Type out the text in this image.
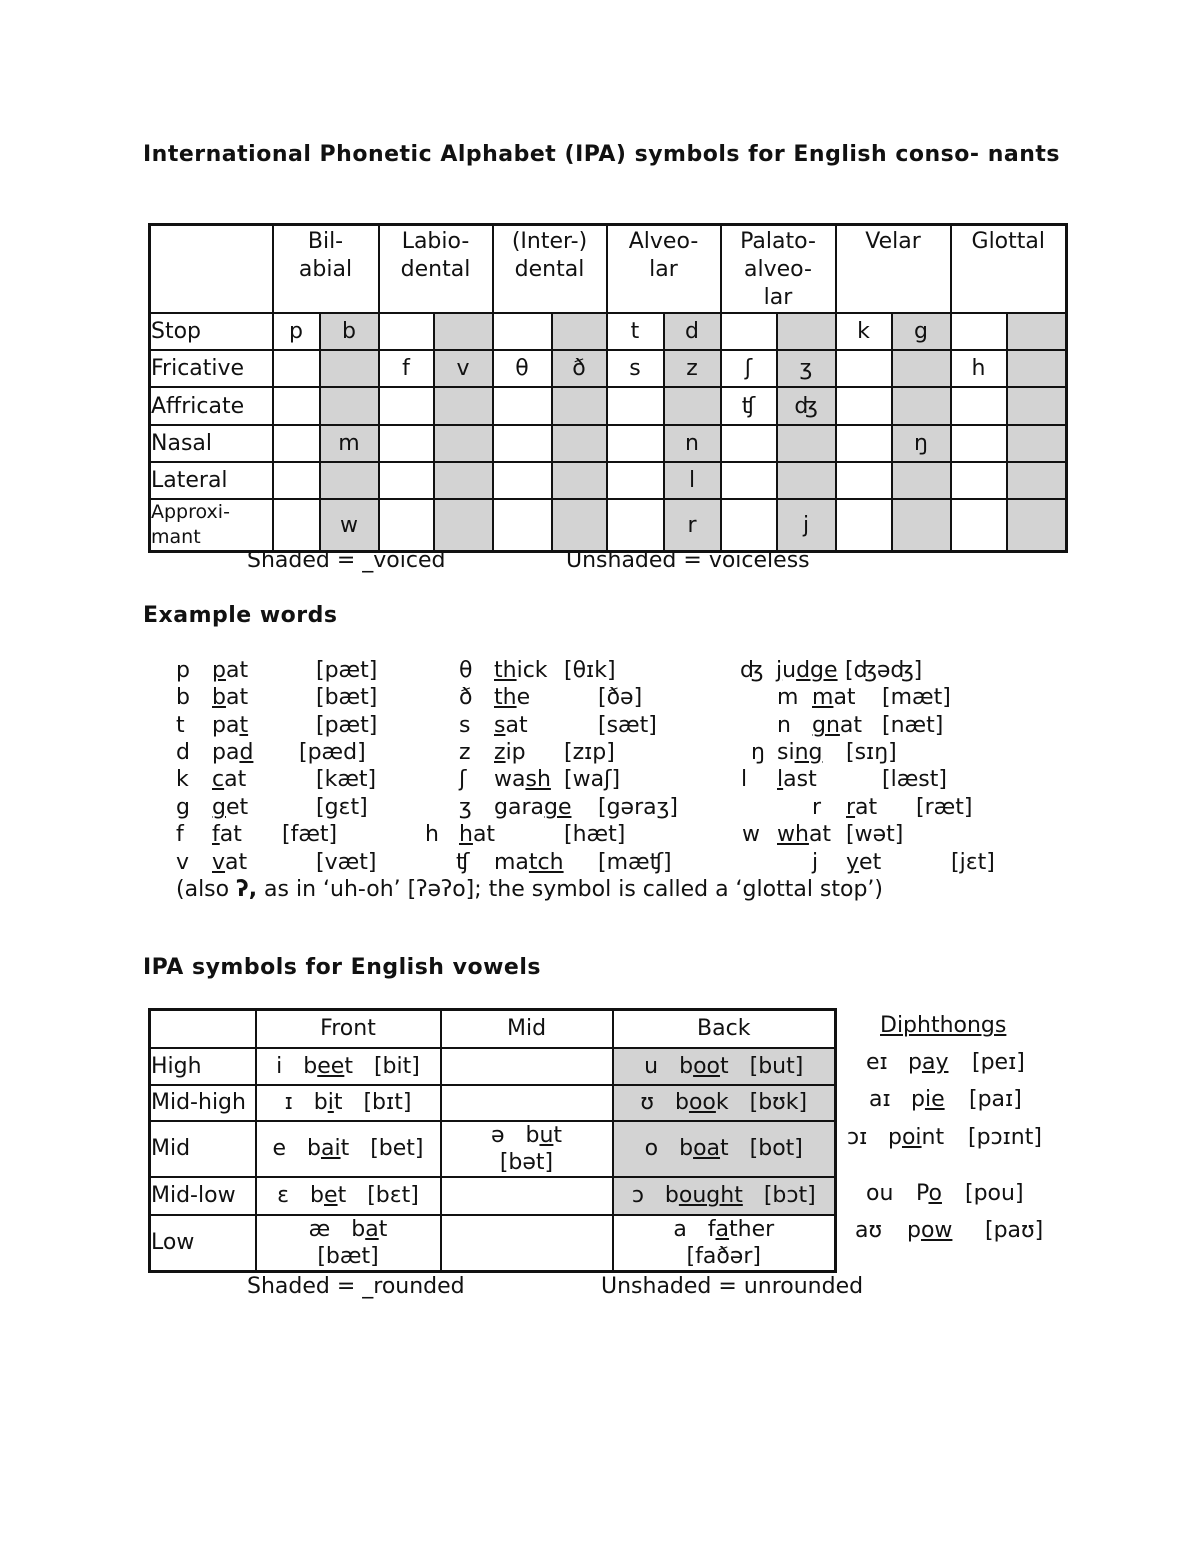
International Phonetic Alphabet (IPA) symbols for English conso- nants
	Bil-
abial		Labio-
dental		(Inter-)
dental		Alveo-
lar		Palato-
alveo-
lar		Velar		Glottal	
Stop	p	b					t	d			k	g		
Fricative			f	v	θ	ð	s	z	ʃ	ʒ			h	
Affricate									ʧ	ʤ				
Nasal		m						n				ŋ		
Lateral								l						
Approxi-
mant		w						r		j				
Shaded = _voiced	Unshaded = voiceless
Example words
p pat	[pæt]
b bat	[bæt]
t pat	[pæt]
d pad [pæd]
k cat	[kæt]
g get	[gɛt]
f fat [fæt]
v vat	[væt]
θ thick [θɪk]
ð the	[ðə]
s sat	[sæt]
z zip [zɪp]
ʃ wash [waʃ]
ʒ garage [gəraʒ]
h hat	[hæt]
ʧ match [mæʧ]
ʤ judge [ʤəʤ]
m mat [mæt]
n gnat [næt]
ŋ sing [sɪŋ]
l last	[læst]
r rat [ræt]
w what [wət]
j yet	[jɛt]
(also ʔ, as in ‘uh-oh’ [ʔəʔo]; the symbol is called a ‘glottal stop’)
IPA symbols for English vowels
	Front	Mid	Back
High	i beet [bit]		u boot [but]
Mid-high	ɪ bit [bɪt]		ʊ book [bʊk]
Mid	e bait [bet]	ə but
[bət]	o boat [bot]
Mid-low	ɛ bet [bɛt]		ɔ bought [bɔt]
Low	æ bat
[bæt]		a father
[faðər]
Shaded = _rounded	Unshaded = unrounded
Diphthongs
eɪ pay [peɪ]
aɪ pie [paɪ]
ɔɪ point [pɔɪnt]
ou Po [pou]
aʊ pow [paʊ]
